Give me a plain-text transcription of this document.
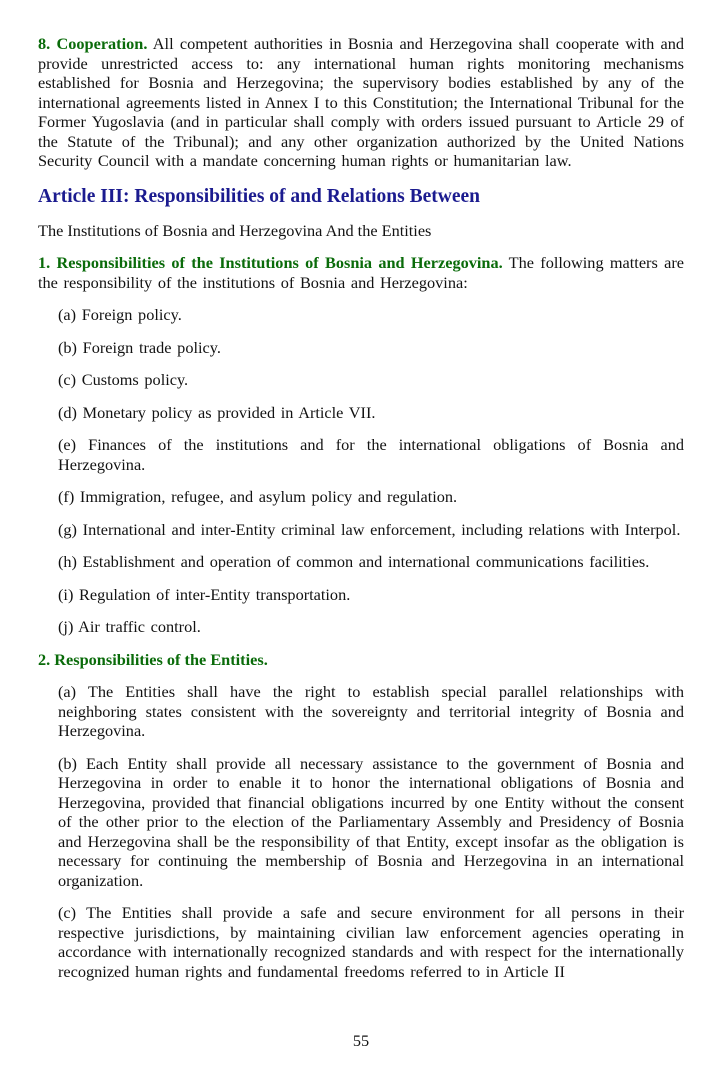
8. Cooperation. All competent authorities in Bosnia and Herzegovina shall cooperate with and provide unrestricted access to: any international human rights monitoring mechanisms established for Bosnia and Herzegovina; the supervisory bodies established by any of the international agreements listed in Annex I to this Constitution; the International Tribunal for the Former Yugoslavia (and in particular shall comply with orders issued pursuant to Article 29 of the Statute of the Tribunal); and any other organization authorized by the United Nations Security Council with a mandate concerning human rights or humanitarian law.

Article III: Responsibilities of and Relations Between

The Institutions of Bosnia and Herzegovina And the Entities

1. Responsibilities of the Institutions of Bosnia and Herzegovina. The following matters are the responsibility of the institutions of Bosnia and Herzegovina:

(a) Foreign policy.

(b) Foreign trade policy.

(c) Customs policy.

(d) Monetary policy as provided in Article VII.

(e) Finances of the institutions and for the international obligations of Bosnia and Herzegovina.

(f) Immigration, refugee, and asylum policy and regulation.

(g) International and inter-Entity criminal law enforcement, including relations with Interpol.

(h) Establishment and operation of common and international communications facilities.

(i) Regulation of inter-Entity transportation.

(j) Air traffic control.

2. Responsibilities of the Entities.

(a) The Entities shall have the right to establish special parallel relationships with neighboring states consistent with the sovereignty and territorial integrity of Bosnia and Herzegovina.

(b) Each Entity shall provide all necessary assistance to the government of Bosnia and Herzegovina in order to enable it to honor the international obligations of Bosnia and Herzegovina, provided that financial obligations incurred by one Entity without the consent of the other prior to the election of the Parliamentary Assembly and Presidency of Bosnia and Herzegovina shall be the responsibility of that Entity, except insofar as the obligation is necessary for continuing the membership of Bosnia and Herzegovina in an international organization.

(c) The Entities shall provide a safe and secure environment for all persons in their respective jurisdictions, by maintaining civilian law enforcement agencies operating in accordance with internationally recognized standards and with respect for the internationally recognized human rights and fundamental freedoms referred to in Article II

55
